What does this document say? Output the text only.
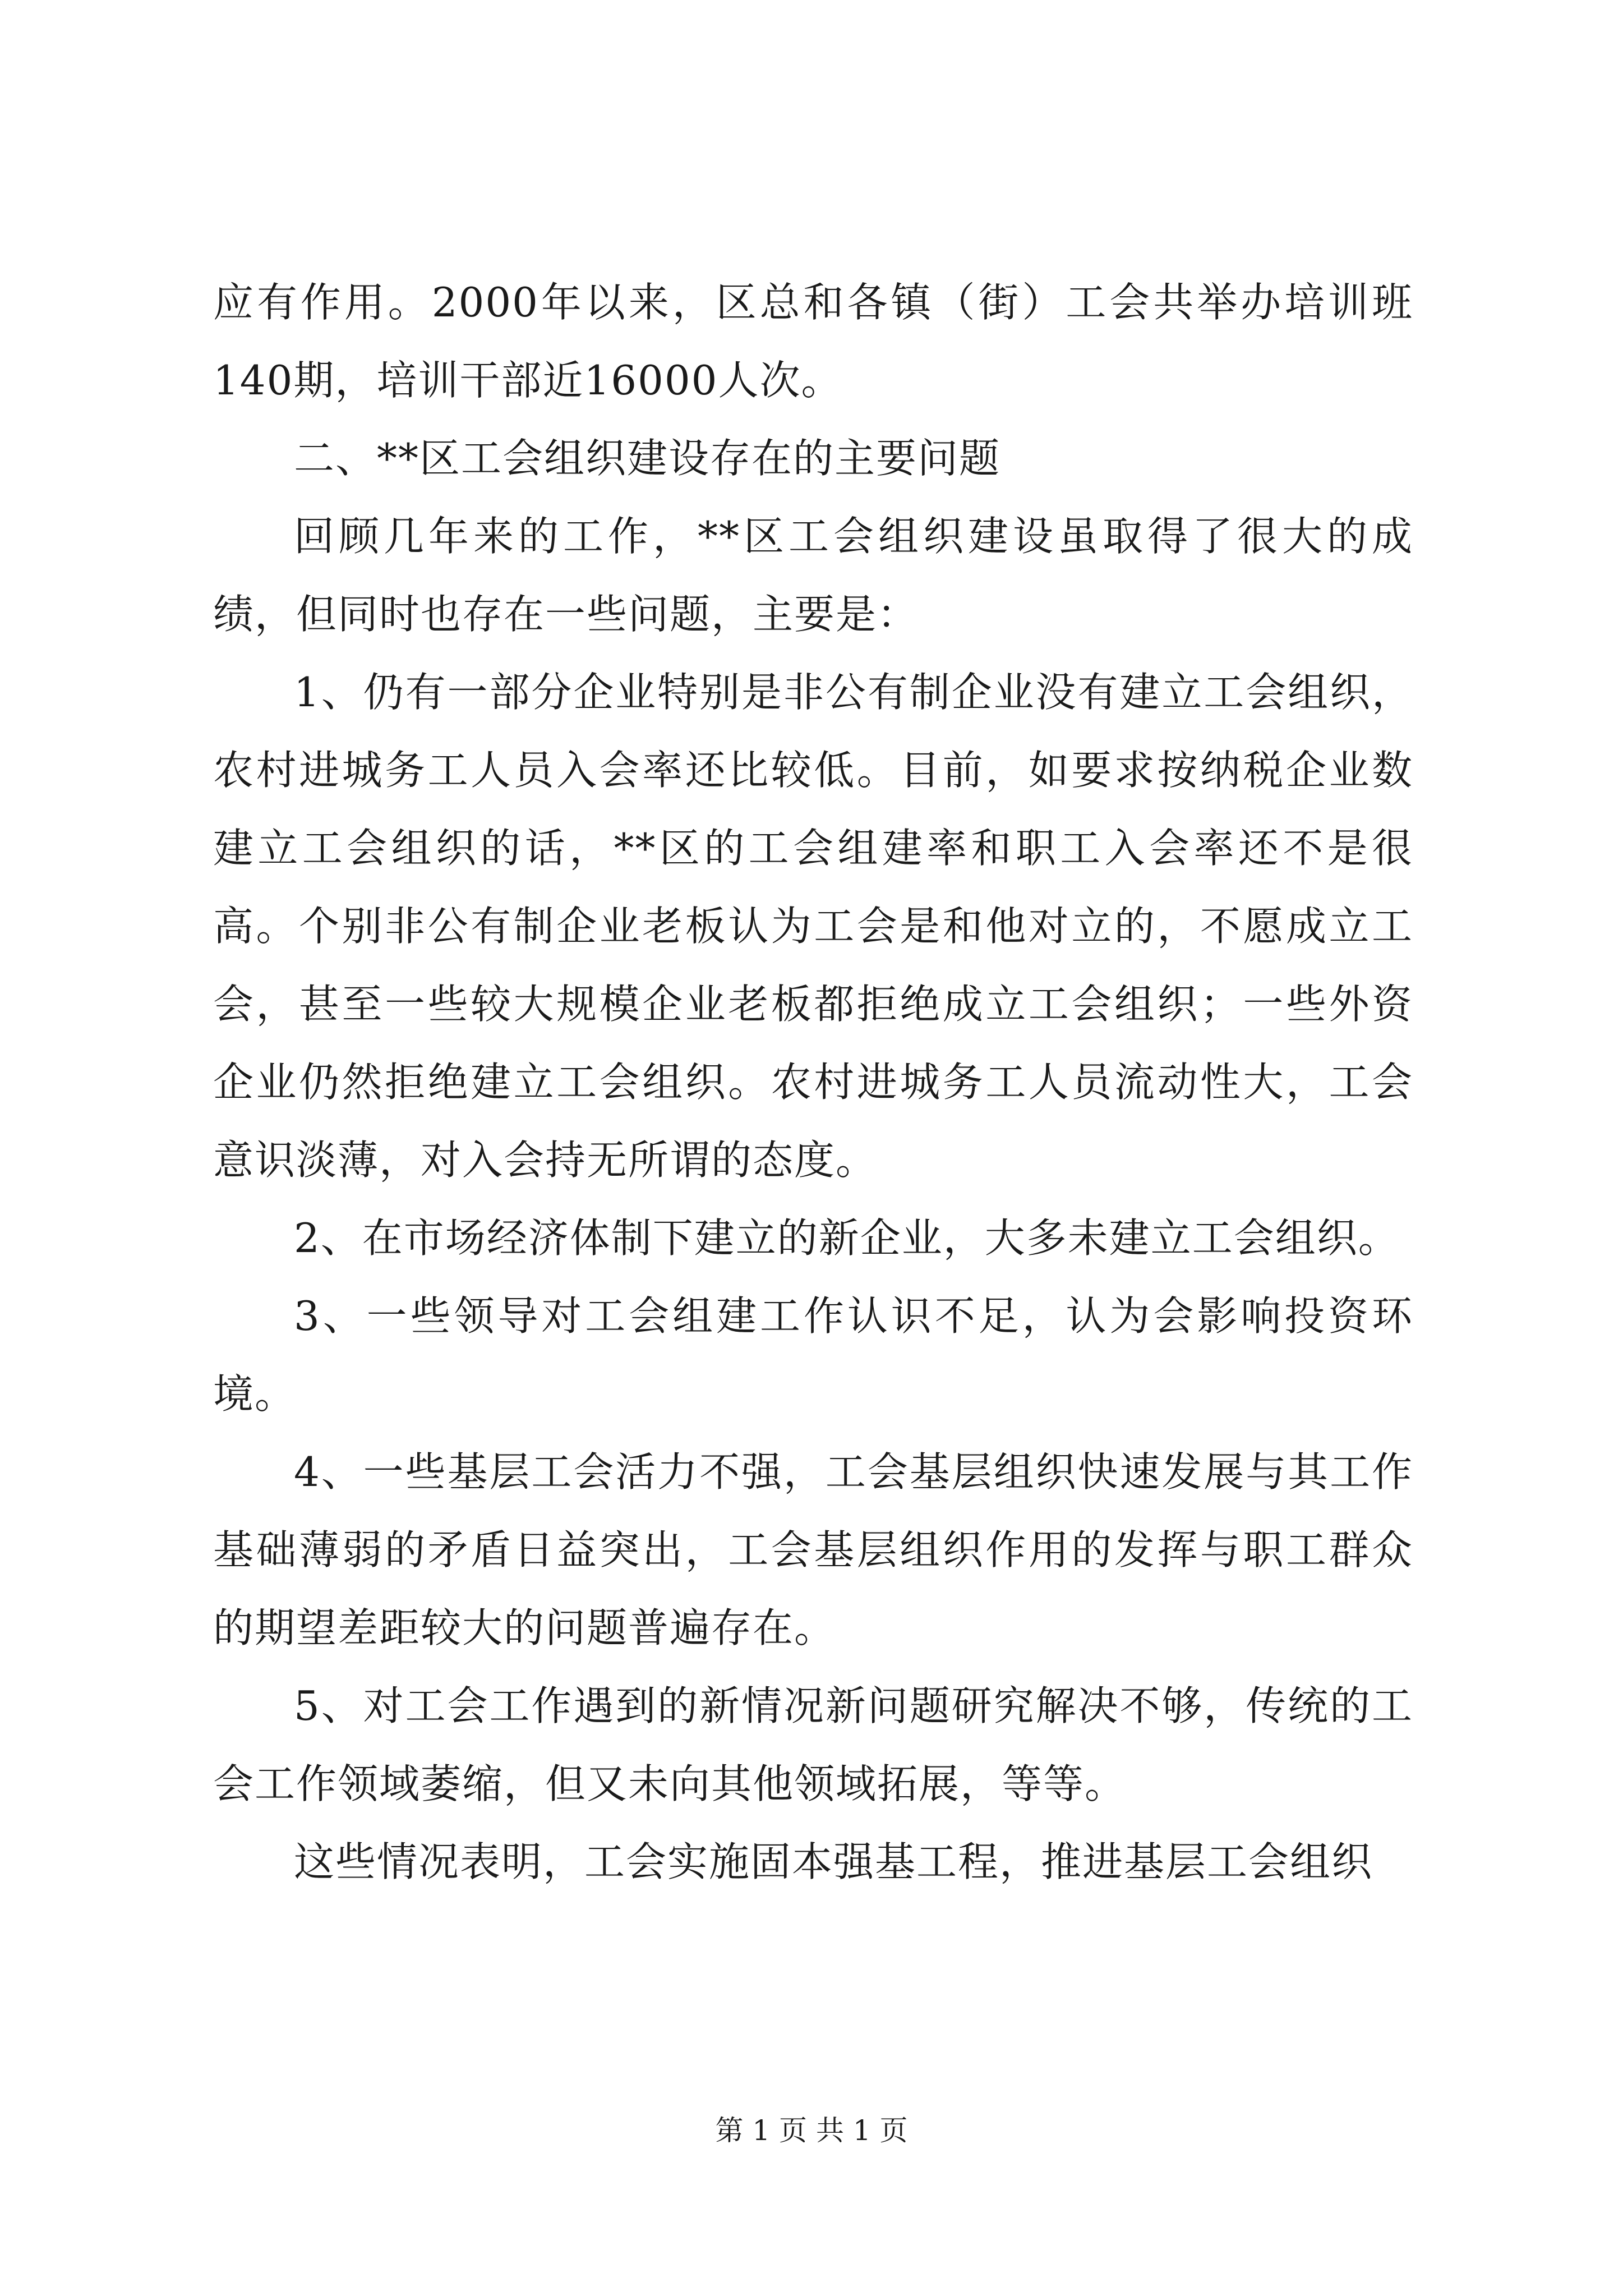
应有作用。2000年以来，区总和各镇（街）工会共举办培训班140期，培训干部近16000人次。

二、**区工会组织建设存在的主要问题

回顾几年来的工作，**区工会组织建设虽取得了很大的成绩，但同时也存在一些问题，主要是：

1、仍有一部分企业特别是非公有制企业没有建立工会组织，农村进城务工人员入会率还比较低。目前，如要求按纳税企业数建立工会组织的话，**区的工会组建率和职工入会率还不是很高。个别非公有制企业老板认为工会是和他对立的，不愿成立工会，甚至一些较大规模企业老板都拒绝成立工会组织；一些外资企业仍然拒绝建立工会组织。农村进城务工人员流动性大，工会意识淡薄，对入会持无所谓的态度。

2、在市场经济体制下建立的新企业，大多未建立工会组织。

3、一些领导对工会组建工作认识不足，认为会影响投资环境。

4、一些基层工会活力不强，工会基层组织快速发展与其工作基础薄弱的矛盾日益突出，工会基层组织作用的发挥与职工群众的期望差距较大的问题普遍存在。

5、对工会工作遇到的新情况新问题研究解决不够，传统的工会工作领域萎缩，但又未向其他领域拓展，等等。

这些情况表明，工会实施固本强基工程，推进基层工会组织

第 1 页 共 1 页
